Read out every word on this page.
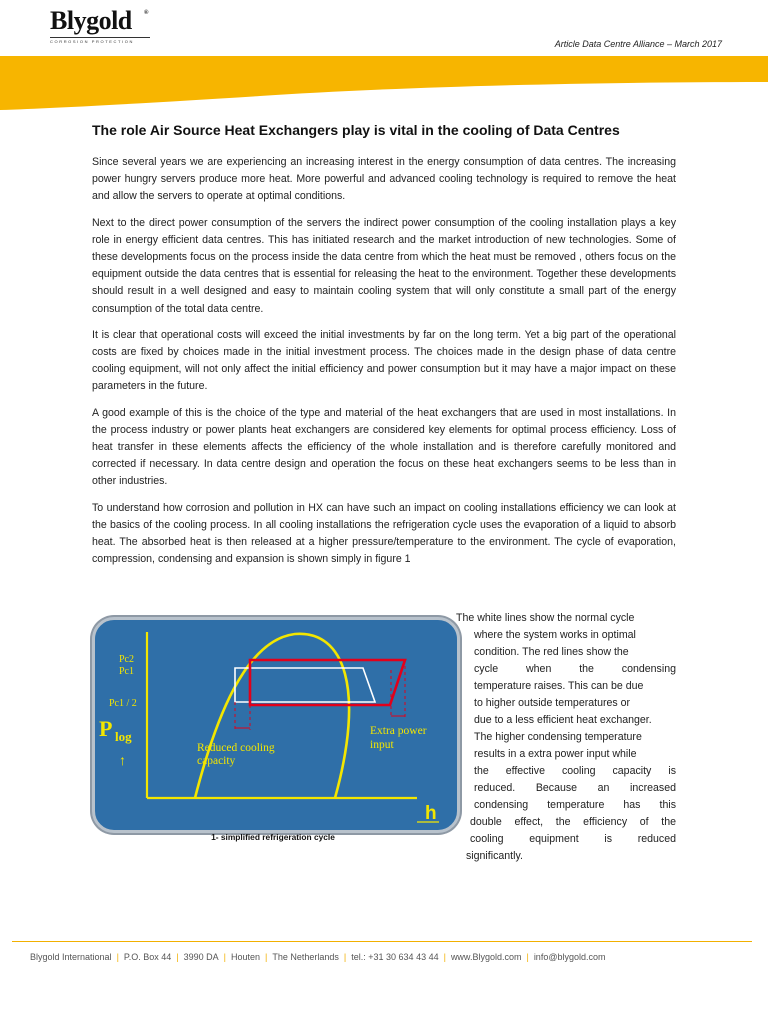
Blygold ®
CORROSION PROTECTION	Article Data Centre Alliance – March 2017
The role Air Source Heat Exchangers play is vital in the cooling of Data Centres

Since several years we are experiencing an increasing interest in the energy consumption of data centres. The increasing power hungry servers produce more heat. More powerful and advanced cooling technology is required to remove the heat and allow the servers to operate at optimal conditions.

Next to the direct power consumption of the servers the indirect power consumption of the cooling installation plays a key role in energy efficient data centres. This has initiated research and the market introduction of new technologies. Some of these developments focus on the process inside the data centre from which the heat must be removed , others focus on the equipment outside the data centres that is essential for releasing the heat to the environment. Together these developments should result in a well designed and easy to maintain cooling system that will only constitute a small part of the energy consumption of the total data centre.

It is clear that operational costs will exceed the initial investments by far on the long term. Yet a big part of the operational costs are fixed by choices made in the initial investment process. The choices made in the design phase of data centre cooling equipment, will not only affect the initial efficiency and power consumption but it may have a major impact on these parameters in the future.

A good example of this is the choice of the type and material of the heat exchangers that are used in most installations. In the process industry or power plants heat exchangers are considered key elements for optimal process efficiency. Loss of heat transfer in these elements affects the efficiency of the whole installation and is therefore carefully monitored and corrected if necessary. In data centre design and operation the focus on these heat exchangers seems to be less than in other industries.

To understand how corrosion and pollution in HX can have such an impact on cooling installations efficiency we can look at the basics of the cooling process. In all cooling installations the refrigeration cycle uses the evaporation of a liquid to absorb heat. The absorbed heat is then released at a higher pressure/temperature to the environment. The cycle of evaporation, compression, condensing and expansion is shown simply in figure 1

Pc2
Pc1
Pc1 / 2
P log
↑
Reduced cooling
capacity
Extra power
input
h
1- simplified refrigeration cycle
The white lines show the normal cycle
where the system works in optimal
condition. The red lines show the
cycle when the condensing
temperature raises. This can be due
to higher outside temperatures or
due to a less efficient heat exchanger.
The higher condensing temperature
results in a extra power input while
the effective cooling capacity is
reduced. Because an increased
condensing temperature has this
double effect, the efficiency of the
cooling equipment is reduced
significantly.
Blygold International | P.O. Box 44 | 3990 DA | Houten | The Netherlands | tel.: +31 30 634 43 44 | www.Blygold.com | info@blygold.com
